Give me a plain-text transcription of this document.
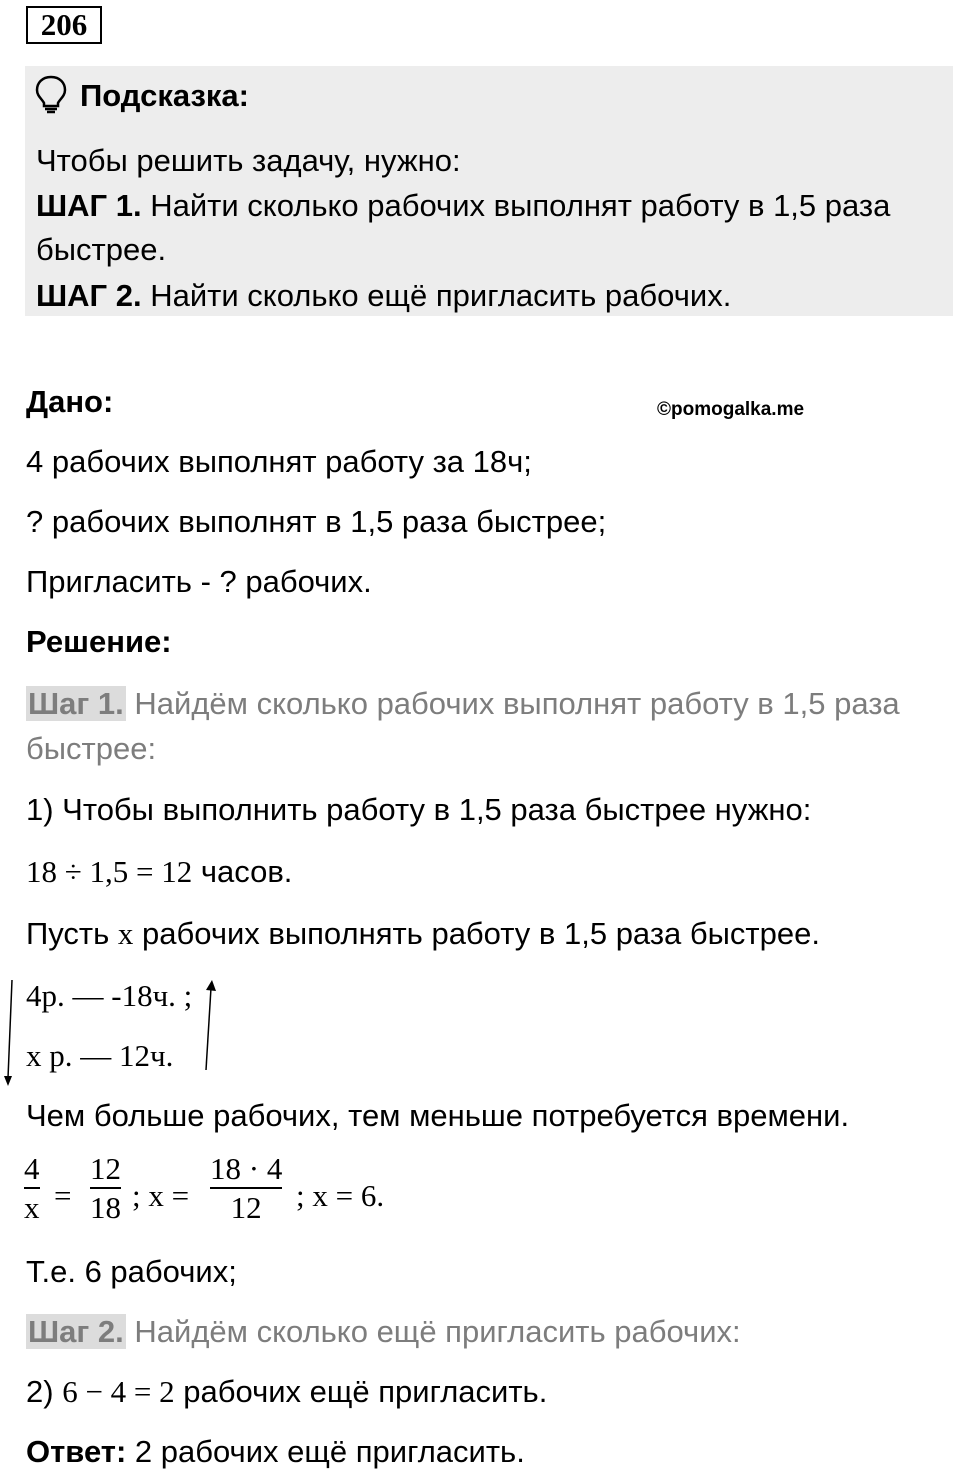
206
Подсказка:
Чтобы решить задачу, нужно:
ШАГ 1. Найти сколько рабочих выполнят работу в 1,5 раза
быстрее.
ШАГ 2. Найти сколько ещё пригласить рабочих.
Дано:	©pomogalka.me
4 рабочих выполнят работу за 18ч;
? рабочих выполнят в 1,5 раза быстрее;
Пригласить - ? рабочих.
Решение:
Шаг 1. Найдём сколько рабочих выполнят работу в 1,5 раза
быстрее:
1) Чтобы выполнить работу в 1,5 раза быстрее нужно:
18 ÷ 1,5 = 12 часов.
Пусть x рабочих выполнять работу в 1,5 раза быстрее.
4р. — -18ч. ;
x р. — 12ч.
Чем больше рабочих, тем меньше потребуется времени.
4
x =
12
18 ; x =
18 · 4
12 ; x = 6.
Т.е. 6 рабочих;
Шаг 2. Найдём сколько ещё пригласить рабочих:
2) 6 − 4 = 2 рабочих ещё пригласить.
Ответ: 2 рабочих ещё пригласить.
